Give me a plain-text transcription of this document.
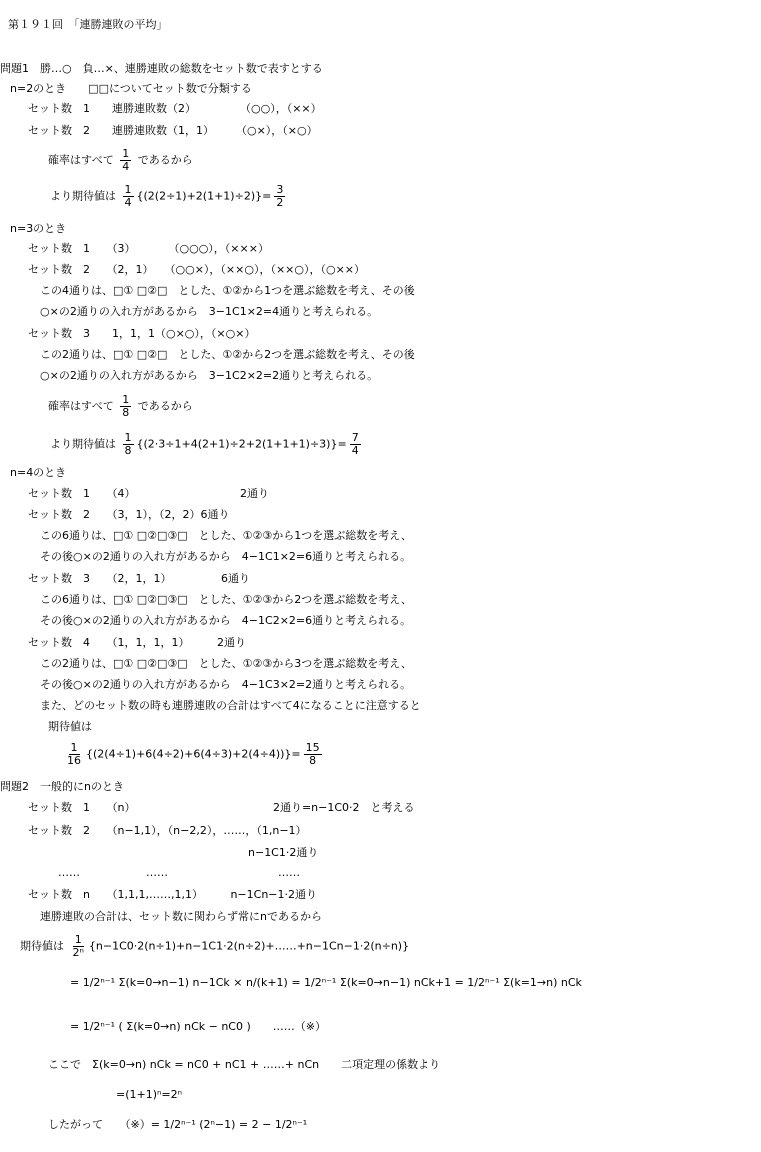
第１９１回　「連勝連敗の平均」
問題1　勝…○　負…×、連勝連敗の総数をセット数で表すとする
n=2のとき　　□□についてセット数で分類する
セット数　1　　連勝連敗数（2）　　　　　（○○），（××）
セット数　2　　連勝連敗数（1，1）　　　（○×），（×○）
確率はすべて $\frac{1}{4}$ であるから
より期待値は $\frac{1}{4} \{(2(2\div 1)+2(1+1)\div 2)\}= \frac{3}{2}$
n=3のとき
セット数　1　　（3）　　　　（○○○），（×××）
セット数　2　　（2，1）　　（○○×），（××○），（××○），（○××）
この4通りは、□① □②□　とした、①②から1つを選ぶ総数を考え、その後
○×の2通りの入れ方があるから　3−1C1×2=4通りと考えられる。
セット数　3　　1，1，1（○×○），（×○×）
この2通りは、□① □②□　とした、①②から2つを選ぶ総数を考え、その後
○×の2通りの入れ方があるから　3−1C2×2=2通りと考えられる。
確率はすべて $\frac{1}{8}$ であるから
より期待値は $\frac{1}{8} \{(2\cdot 3\div 1+4(2+1)\div 2+2(1+1+1)\div 3)\}= \frac{7}{4}$
n=4のとき
セット数　1　　（4）　　　　　　　　　　2通り
セット数　2　　（3，1），（2，2）6通り
この6通りは、□① □②□③□　とした、①②③から1つを選ぶ総数を考え、
その後○×の2通りの入れ方があるから　4−1C1×2=6通りと考えられる。
セット数　3　　（2，1，1）　　　　　6通り
この6通りは、□① □②□③□　とした、①②③から2つを選ぶ総数を考え、
その後○×の2通りの入れ方があるから　4−1C2×2=6通りと考えられる。
セット数　4　　（1，1，1，1）　　　2通り
この2通りは、□① □②□③□　とした、①②③から3つを選ぶ総数を考え、
その後○×の2通りの入れ方があるから　4−1C3×2=2通りと考えられる。
また、どのセット数の時も連勝連敗の合計はすべて4になることに注意すると
期待値は
$\frac{1}{16} \{(2(4\div 1)+6(4\div 2)+6(4\div 3)+2(4\div 4))\}= \frac{15}{8}$
問題2　一般的にnのとき
セット数　1　　（n）　　　　　　　　　　　　　2通り=n−1C0·2　と考える
セット数　2　　（n−1,1），（n−2,2），……，（1,n−1）
n−1C1·2通り
……　　　　　　……　　　　　　　　　　……
セット数　n　　（1,1,1,……,1,1）　　　n−1Cn−1·2通り
連勝連敗の合計は、セット数に関わらず常にnであるから
期待値は $\frac{1}{\text{2ⁿ}}$ {n−1C0·2(n÷1)+n−1C1·2(n÷2)+……+n−1Cn−1·2(n÷n)}
= 1/2ⁿ⁻¹ Σ(k=0→n−1) n−1Ck × n/(k+1) = 1/2ⁿ⁻¹ Σ(k=0→n−1) nCk+1 = 1/2ⁿ⁻¹ Σ(k=1→n) nCk
= 1/2ⁿ⁻¹ ( Σ(k=0→n) nCk − nC0 )　　……（※）
ここで　Σ(k=0→n) nCk = nC0 + nC1 + ……+ nCn　　二項定理の係数より
=(1+1)ⁿ=2ⁿ
したがって　　（※）= 1/2ⁿ⁻¹ (2ⁿ−1) = 2 − 1/2ⁿ⁻¹
